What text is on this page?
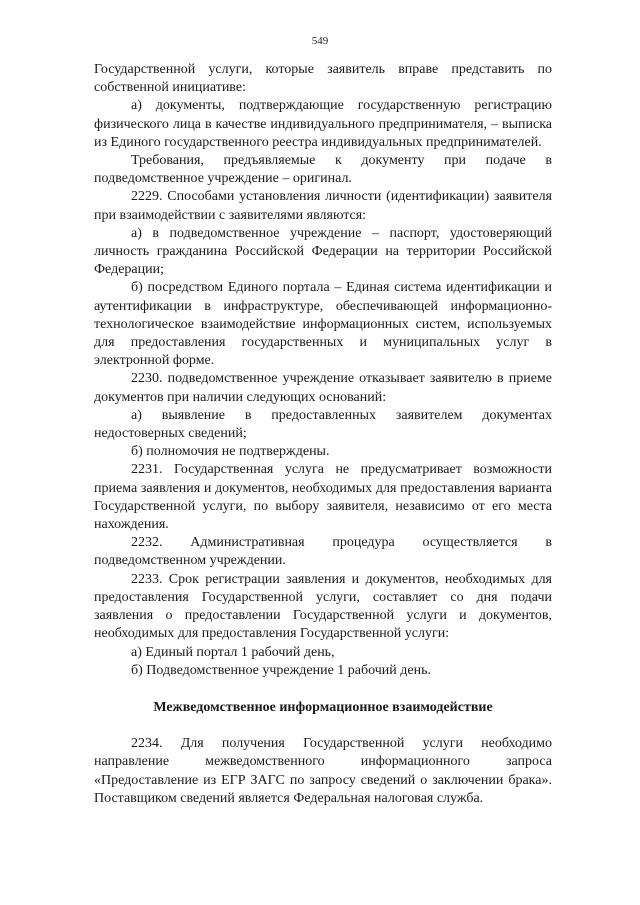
549

Государственной услуги, которые заявитель вправе представить по собственной инициативе:

а) документы, подтверждающие государственную регистрацию физического лица в качестве индивидуального предпринимателя, – выписка из Единого государственного реестра индивидуальных предпринимателей.

Требования, предъявляемые к документу при подаче в подведомственное учреждение – оригинал.

2229. Способами установления личности (идентификации) заявителя при взаимодействии с заявителями являются:

а) в подведомственное учреждение – паспорт, удостоверяющий личность гражданина Российской Федерации на территории Российской Федерации;

б) посредством Единого портала – Единая система идентификации и аутентификации в инфраструктуре, обеспечивающей информационно-технологическое взаимодействие информационных систем, используемых для предоставления государственных и муниципальных услуг в электронной форме.

2230. подведомственное учреждение отказывает заявителю в приеме документов при наличии следующих оснований:

а) выявление в предоставленных заявителем документах недостоверных сведений;

б) полномочия не подтверждены.

2231. Государственная услуга не предусматривает возможности приема заявления и документов, необходимых для предоставления варианта Государственной услуги, по выбору заявителя, независимо от его места нахождения.

2232. Административная процедура осуществляется в подведомственном учреждении.

2233. Срок регистрации заявления и документов, необходимых для предоставления Государственной услуги, составляет со дня подачи заявления о предоставлении Государственной услуги и документов, необходимых для предоставления Государственной услуги:

а) Единый портал 1 рабочий день,

б) Подведомственное учреждение 1 рабочий день.

Межведомственное информационное взаимодействие

2234. Для получения Государственной услуги необходимо направление межведомственного информационного запроса «Предоставление из ЕГР ЗАГС по запросу сведений о заключении брака». Поставщиком сведений является Федеральная налоговая служба.
